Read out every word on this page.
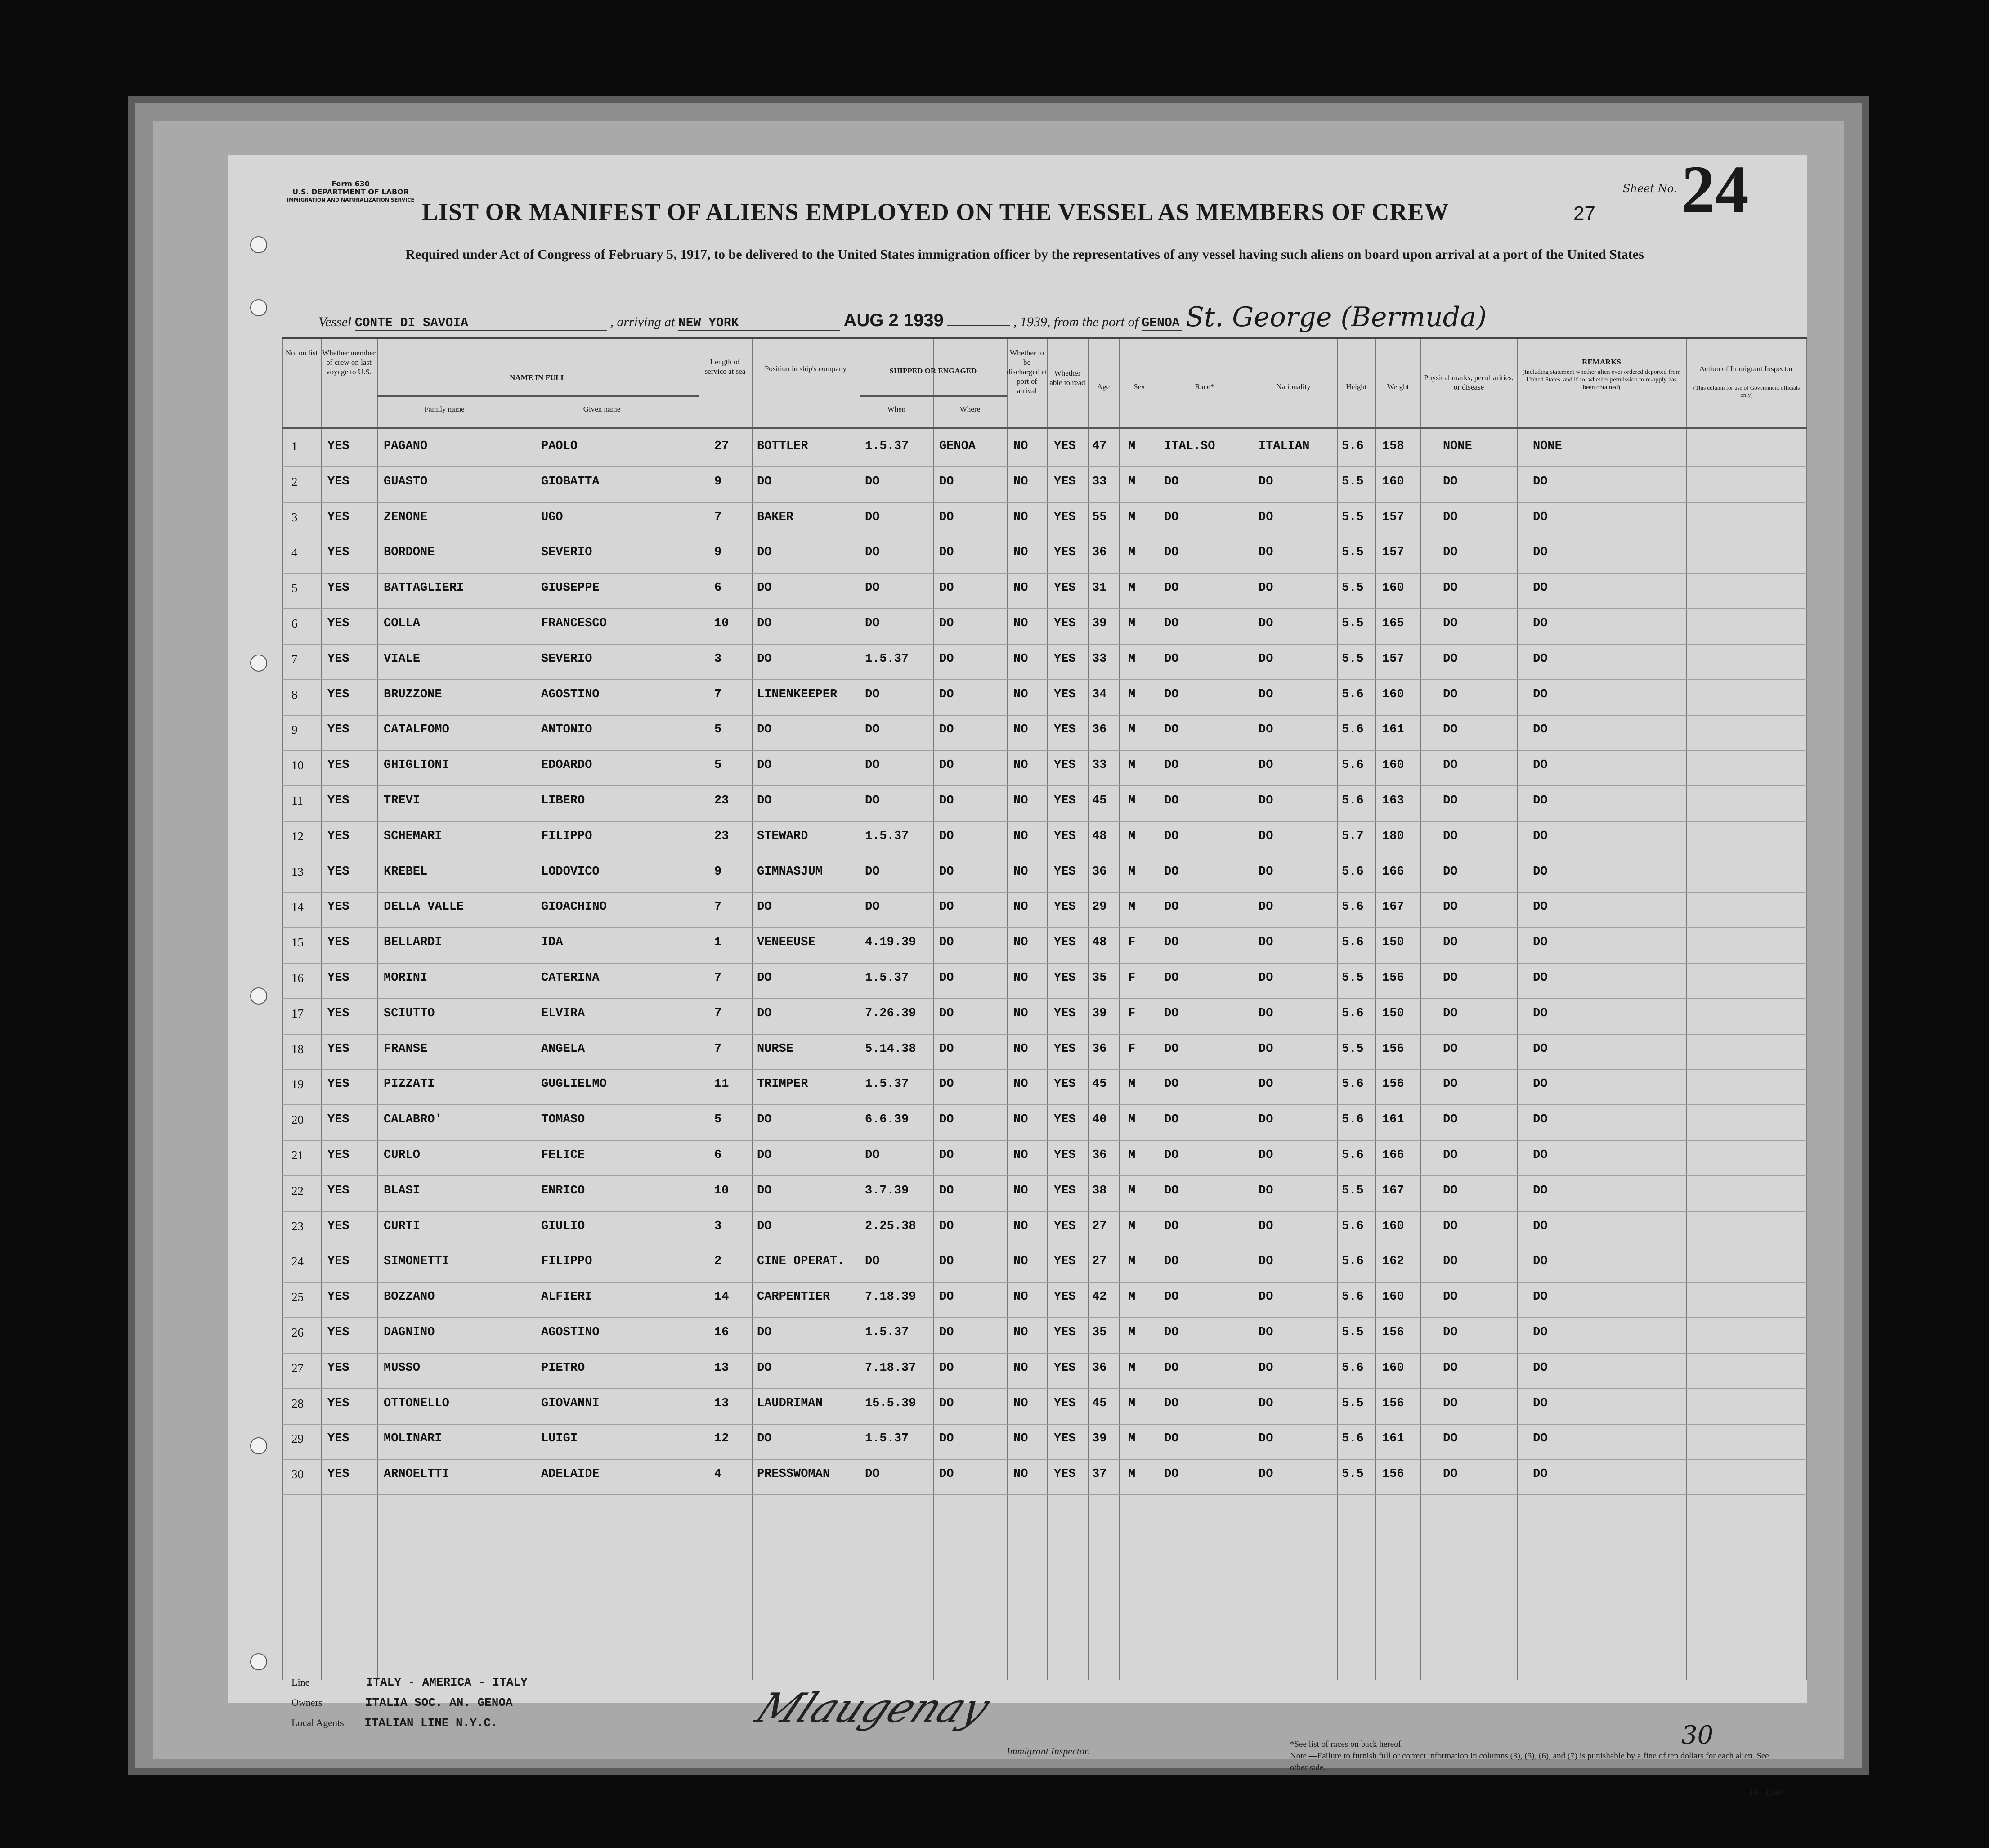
Form 630
U.S. DEPARTMENT OF LABOR
IMMIGRATION AND NATURALIZATION SERVICE
Sheet No. 24
27
LIST OR MANIFEST OF ALIENS EMPLOYED ON THE VESSEL AS MEMBERS OF CREW
Required under Act of Congress of February 5, 1917, to be delivered to the United States immigration officer by the representatives of any vessel having such aliens on board upon arrival at a port of the United States
Vessel CONTE DI SAVOIA	, arriving at NEW YORK	AUG 2 1939	, 1939, from the port of GENOA St. George (Bermuda)
No. on list Whether member of crew on last voyage to U.S.
NAME IN FULL
Family name	Given name
Length of service at sea	Position in ship's company	SHIPPED OR ENGAGED
When	Where
Whether to be discharged at port of arrival
Whether able to read	Age	Sex	Race*	Nationality	Height	Weight
Physical marks, peculiarities, or disease
REMARKS
(Including statement whether alien ever ordered deported from United States, and if so, whether permission to re-apply has been obtained)
Action of Immigrant Inspector
(This column for use of Government officials only)
1 YES	PAGANO	PAOLO	27 BOTTLER	1.5.37	GENOA	NO YES 47 M ITAL.SO	ITALIAN	5.6 158	NONE	NONE
2 YES	GUASTO	GIOBATTA	9	DO	DO	DO	NO YES 33 M DO	DO	5.5 160	DO	DO
3 YES	ZENONE	UGO	7	BAKER	DO	DO	NO YES 55 M DO	DO	5.5 157	DO	DO
4 YES	BORDONE	SEVERIO	9	DO	DO	DO	NO YES 36 M DO	DO	5.5 157	DO	DO
5 YES	BATTAGLIERI	GIUSEPPE	6	DO	DO	DO	NO YES 31 M DO	DO	5.5 160	DO	DO
6 YES	COLLA	FRANCESCO	10 DO	DO	DO	NO YES 39 M DO	DO	5.5 165	DO	DO
7 YES	VIALE	SEVERIO	3	DO	1.5.37	DO	NO YES 33 M DO	DO	5.5 157	DO	DO
8 YES	BRUZZONE	AGOSTINO	7	LINENKEEPER DO	DO	NO YES 34 M DO	DO	5.6 160	DO	DO
9 YES	CATALFOMO	ANTONIO	5	DO	DO	DO	NO YES 36 M DO	DO	5.6 161	DO	DO
10 YES	GHIGLIONI	EDOARDO	5	DO	DO	DO	NO YES 33 M DO	DO	5.6 160	DO	DO
11 YES	TREVI	LIBERO	23 DO	DO	DO	NO YES 45 M DO	DO	5.6 163	DO	DO
12 YES	SCHEMARI	FILIPPO	23 STEWARD	1.5.37	DO	NO YES 48 M DO	DO	5.7 180	DO	DO
13 YES	KREBEL	LODOVICO	9	GIMNASJUM	DO	DO	NO YES 36 M DO	DO	5.6 166	DO	DO
14 YES	DELLA VALLE	GIOACHINO	7	DO	DO	DO	NO YES 29 M DO	DO	5.6 167	DO	DO
15 YES	BELLARDI	IDA	1	VENEEUSE	4.19.39 DO	NO YES 48 F DO	DO	5.6 150	DO	DO
16 YES	MORINI	CATERINA	7	DO	1.5.37	DO	NO YES 35 F DO	DO	5.5 156	DO	DO
17 YES	SCIUTTO	ELVIRA	7	DO	7.26.39 DO	NO YES 39 F DO	DO	5.6 150	DO	DO
18 YES	FRANSE	ANGELA	7	NURSE	5.14.38 DO	NO YES 36 F DO	DO	5.5 156	DO	DO
19 YES	PIZZATI	GUGLIELMO	11 TRIMPER	1.5.37	DO	NO YES 45 M DO	DO	5.6 156	DO	DO
20 YES	CALABRO'	TOMASO	5	DO	6.6.39	DO	NO YES 40 M DO	DO	5.6 161	DO	DO
21 YES	CURLO	FELICE	6	DO	DO	DO	NO YES 36 M DO	DO	5.6 166	DO	DO
22 YES	BLASI	ENRICO	10 DO	3.7.39	DO	NO YES 38 M DO	DO	5.5 167	DO	DO
23 YES	CURTI	GIULIO	3	DO	2.25.38 DO	NO YES 27 M DO	DO	5.6 160	DO	DO
24 YES	SIMONETTI	FILIPPO	2	CINE OPERAT. DO	DO	NO YES 27 M DO	DO	5.6 162	DO	DO
25 YES	BOZZANO	ALFIERI	14 CARPENTIER	7.18.39 DO	NO YES 42 M DO	DO	5.6 160	DO	DO
26 YES	DAGNINO	AGOSTINO	16 DO	1.5.37	DO	NO YES 35 M DO	DO	5.5 156	DO	DO
27 YES	MUSSO	PIETRO	13 DO	7.18.37 DO	NO YES 36 M DO	DO	5.6 160	DO	DO
28 YES	OTTONELLO	GIOVANNI	13 LAUDRIMAN	15.5.39 DO	NO YES 45 M DO	DO	5.5 156	DO	DO
29 YES	MOLINARI	LUIGI	12 DO	1.5.37	DO	NO YES 39 M DO	DO	5.6 161	DO	DO
30 YES	ARNOELTTI	ADELAIDE	4	PRESSWOMAN	DO	DO	NO YES 37 M DO	DO	5.5 156	DO	DO
Line	ITALY - AMERICA - ITALY
Owners	ITALIA SOC. AN. GENOA
Local Agents ITALIAN LINE N.Y.C.	Mlaugenay
Immigrant Inspector.
30
*See list of races on back hereof.
Note.—Failure to furnish full or correct information in columns (3), (5), (6), and (7) is punishable by a fine of ten dollars for each alien. See other side.
14—1340
